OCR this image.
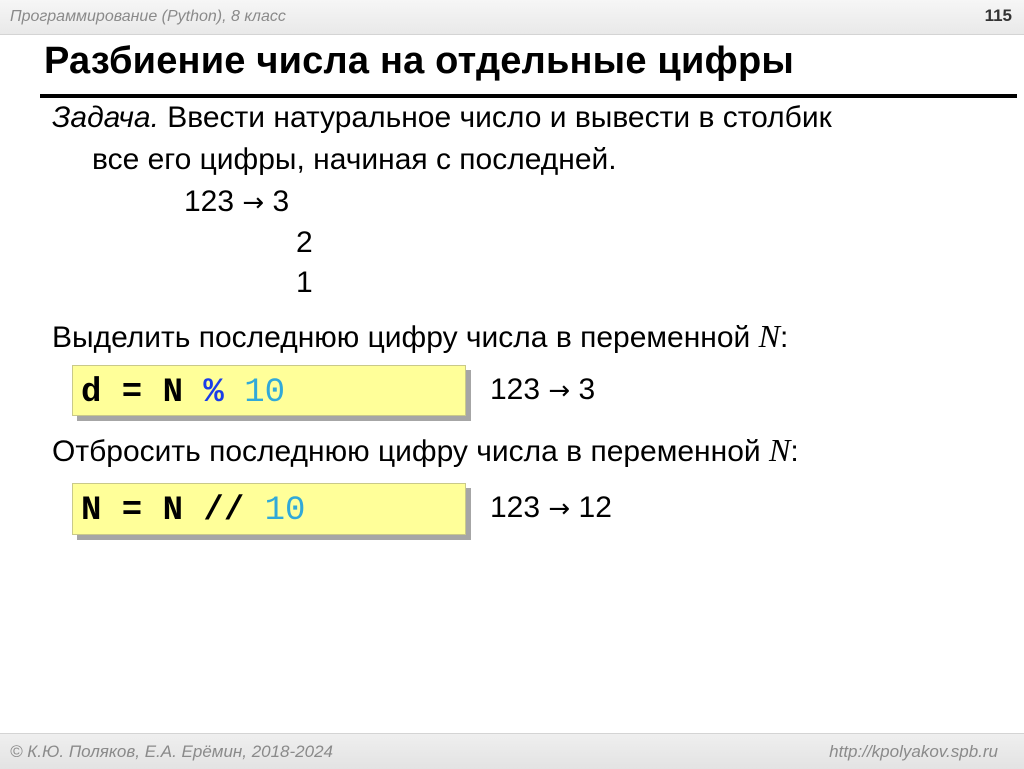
Программирование (Python), 8 класс	115
Разбиение числа на отдельные цифры
Задача. Ввести натуральное число и вывести в столбик
все его цифры, начиная с последней.
123 → 3
2
1
Выделить последнюю цифру числа в переменной N:
d = N % 10	123 → 3
Отбросить последнюю цифру числа в переменной N:
N = N // 10	123 → 12
© К.Ю. Поляков, Е.А. Ерёмин, 2018-2024	http://kpolyakov.spb.ru
